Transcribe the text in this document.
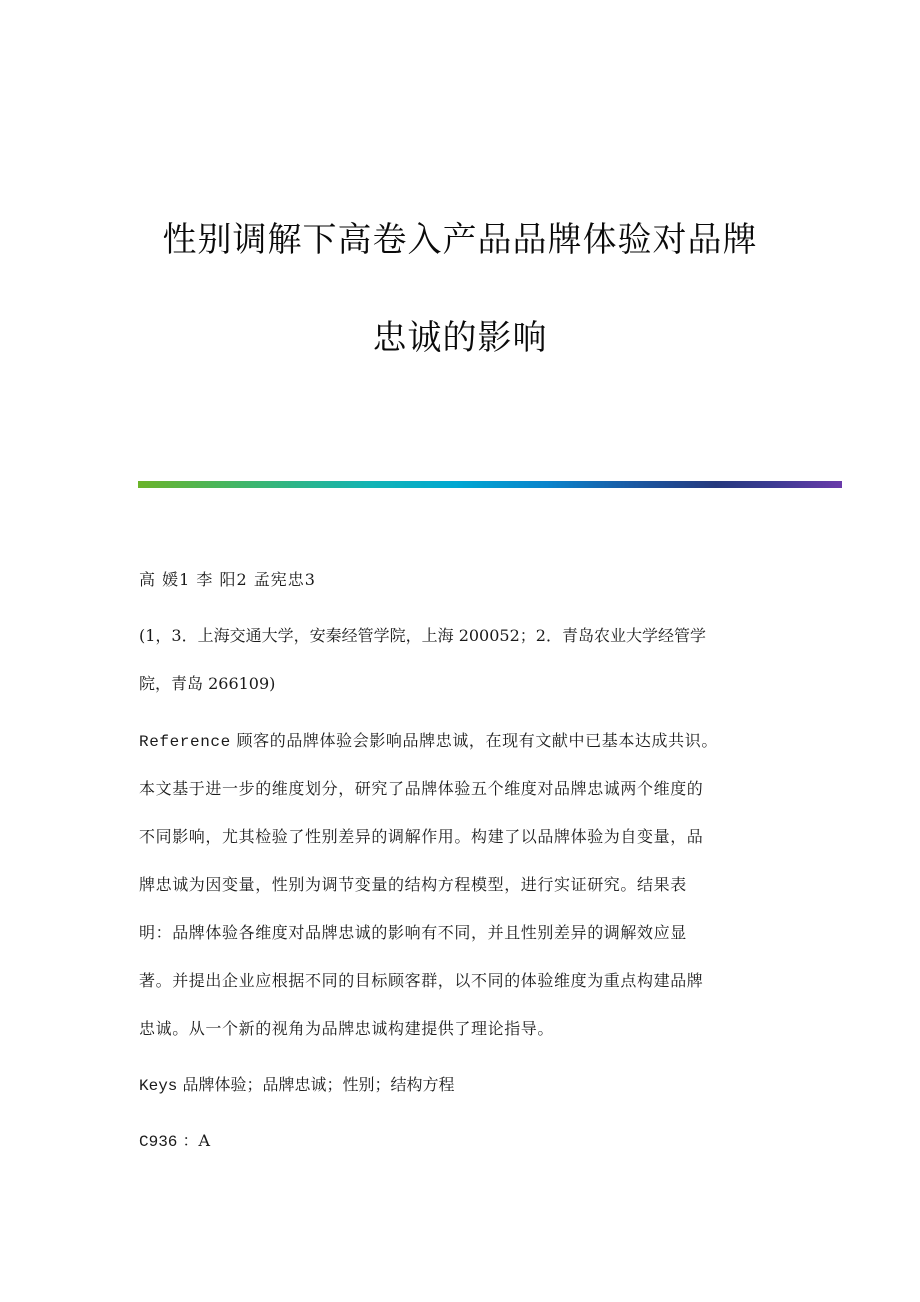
性别调解下高卷入产品品牌体验对品牌
忠诚的影响

高 媛1 李 阳2 孟宪忠3

(1，3．上海交通大学，安秦经管学院，上海 200052；2．青岛农业大学经管学

院，青岛 266109)

Reference 顾客的品牌体验会影响品牌忠诚，在现有文献中已基本达成共识。

本文基于进一步的维度划分，研究了品牌体验五个维度对品牌忠诚两个维度的

不同影响，尤其检验了性别差异的调解作用。构建了以品牌体验为自变量，品

牌忠诚为因变量，性别为调节变量的结构方程模型，进行实证研究。结果表

明：品牌体验各维度对品牌忠诚的影响有不同，并且性别差异的调解效应显

著。并提出企业应根据不同的目标顾客群，以不同的体验维度为重点构建品牌

忠诚。从一个新的视角为品牌忠诚构建提供了理论指导。

Keys 品牌体验；品牌忠诚；性别；结构方程

C936 ：A
